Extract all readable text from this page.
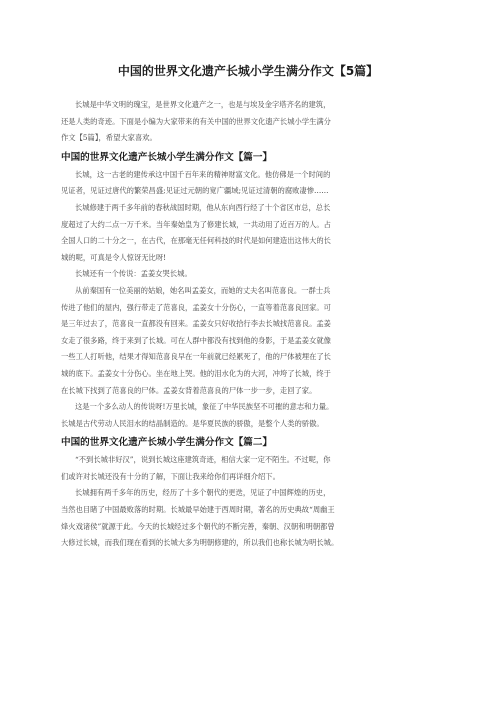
中国的世界文化遗产长城小学生满分作文【5篇】

长城是中华文明的瑰宝，是世界文化遗产之一，也是与埃及金字塔齐名的建筑，
还是人类的奇迹。下面是小编为大家带来的有关中国的世界文化遗产长城小学生满分
作文【5篇】，希望大家喜欢。

中国的世界文化遗产长城小学生满分作文【篇一】

长城，这一古老的建传承这中国千百年来的精神财富文化。他仿佛是一个时间的
见证者，见证过唐代的繁荣昌盛;见证过元朝的宽广疆域;见证过清朝的腐败凄惨……

长城修建于两千多年前的春秋战国时期，他从东向西行经了十个省区市总，总长
度超过了大约二点一万千米。当年秦始皇为了修建长城，一共动用了近百万的人。占
全国人口的二十分之一，在古代，在那毫无任何科技的时代是如何建造出这伟大的长
城的呢，可真是令人惊讶无比呀!

长城还有一个传说：孟姜女哭长城。

从前秦国有一位美丽的姑娘，她名叫孟姜女，而她的丈夫名叫范喜良。一群士兵
传进了他们的屋内，强行带走了范喜良，孟姜女十分伤心，一直等着范喜良回家。可
是三年过去了，范喜良一直都没有回来。孟姜女只好收拾行李去长城找范喜良。孟姜
女走了很多路，终于来到了长城。可在人群中都没有找到他的身影，于是孟姜女就像
一些工人打听他，结果才得知范喜良早在一年前就已经累死了，他的尸体被埋在了长
城的底下。孟姜女十分伤心。坐在地上哭。他的泪水化为的大河，冲垮了长城，终于
在长城下找到了范喜良的尸体。孟姜女背着范喜良的尸体一步一步，走回了家。

这是一个多么动人的传说呀!万里长城，象征了中华民族坚不可摧的意志和力量。
长城是古代劳动人民泪水的结晶制造的。是华夏民族的骄傲，是整个人类的骄傲。

中国的世界文化遗产长城小学生满分作文【篇二】

“不到长城非好汉”，说到长城这座建筑奇迹，相信大家一定不陌生。不过呢，你
们或许对长城还没有十分的了解，下面让我来给你们再详细介绍下。

长城拥有两千多年的历史，经历了十多个朝代的更迭，见证了中国辉煌的历史，
当然也目睹了中国最败落的时期。长城最早始建于西周时期，著名的历史典故“周幽王
烽火戏诸侯”就源于此。今天的长城经过多个朝代的不断完善，秦朝、汉朝和明朝都曾
大修过长城，而我们现在看到的长城大多为明朝修建的，所以我们也称长城为明长城。
